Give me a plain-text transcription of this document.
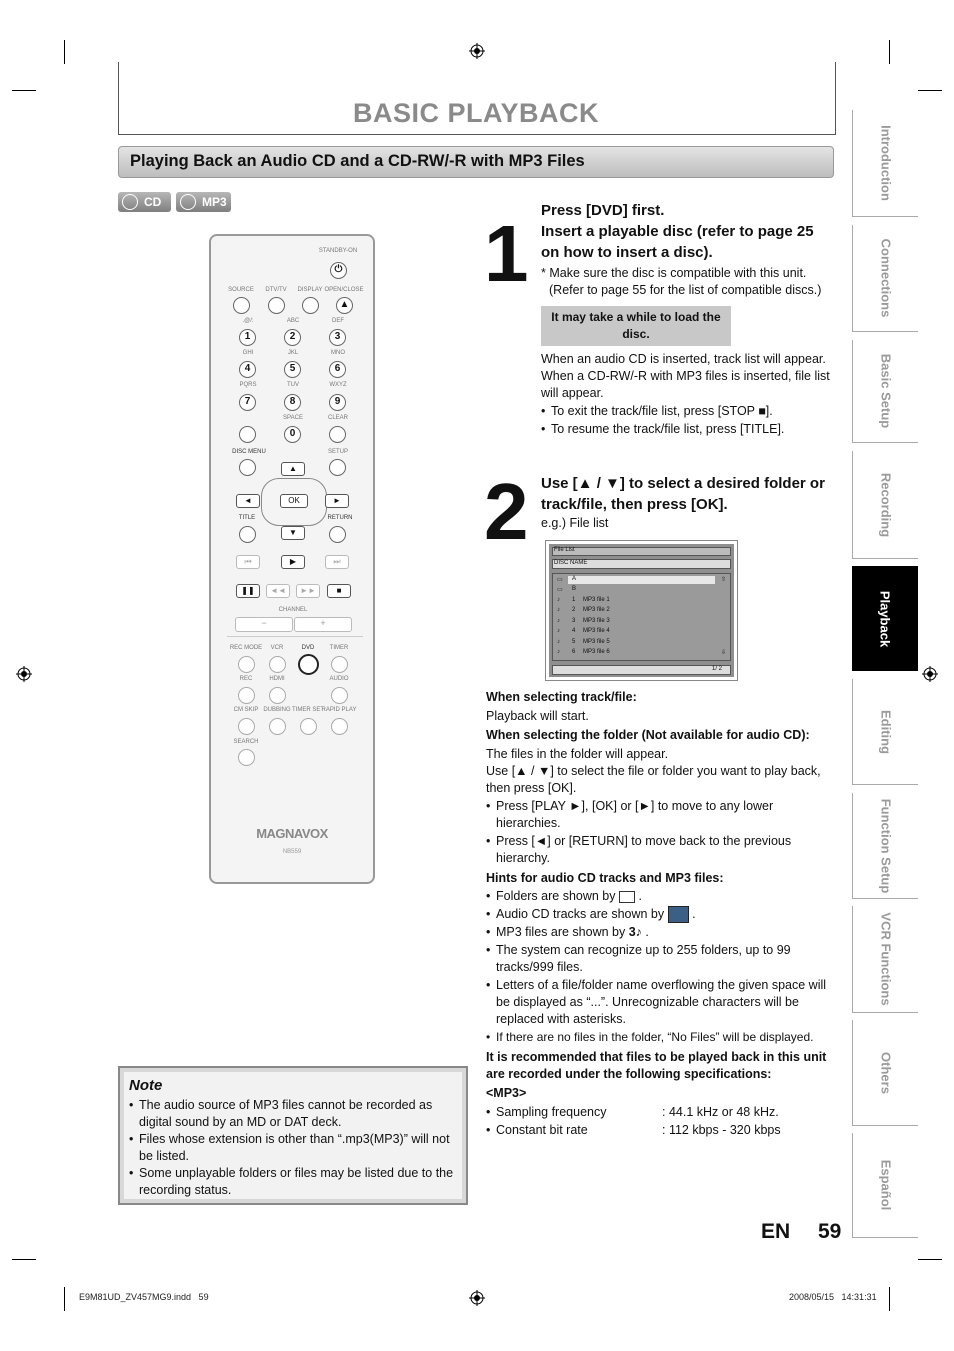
BASIC PLAYBACK
Playing Back an Audio CD and a CD-RW/-R with MP3 Files
CD	MP3
Introduction
Connections
Basic Setup
Recording
Playback
Editing
Function Setup
VCR Functions
Others
Español
STANDBY-ON
⏻
SOURCE	DTV/TV	DISPLAY OPEN/CLOSE
▲
.@/:	ABC	DEF
1	2	3
GHI	JKL	MNO
4	5	6
PQRS	TUV	WXYZ
7	8	9
SPACE	CLEAR
0
DISC MENU	SETUP
▲
◄	OK	►
▼
TITLE	RETURN
⏮	▶	⏭
❚❚	◄◄	►►	■
CHANNEL
−	+
REC MODE	VCR	DVD	TIMER
REC	HDMI	AUDIO
CM SKIP DUBBING TIMER SET
RAPID PLAY
SEARCH
MAGNAVOX
NB559
1 Press [DVD] first.
Insert a playable disc (refer to page 25 on how to insert a disc).
* Make sure the disc is compatible with this unit.
(Refer to page 55 for the list of compatible discs.)
It may take a while to load the disc.
When an audio CD is inserted, track list will appear.
When a CD-RW/-R with MP3 files is inserted, file list will appear.
• To exit the track/file list, press [STOP ■].
• To resume the track/file list, press [TITLE].
2 Use [▲ / ▼] to select a desired folder or track/file, then press [OK].
e.g.) File list
File List
DISC NAME
▭ A
▭ B
♪ 1 MP3 file 1
♪ 2 MP3 file 2
♪ 3 MP3 file 3
♪ 4 MP3 file 4
♪ 5 MP3 file 5
♪ 6 MP3 file 6
⇧
⇩
1/ 2
When selecting track/file:
Playback will start.
When selecting the folder (Not available for audio CD):
The files in the folder will appear.
Use [▲ / ▼] to select the file or folder you want to play back, then press [OK].
• Press [PLAY ►], [OK] or [►] to move to any lower hierarchies.
• Press [◄] or [RETURN] to move back to the previous hierarchy.
Hints for audio CD tracks and MP3 files:
• Folders are shown by  .
• Audio CD tracks are shown by  .
• MP3 files are shown by 3♪ .
• The system can recognize up to 255 folders, up to 99 tracks/999 files.
• Letters of a file/folder name overflowing the given space will be displayed as “...”. Unrecognizable characters will be replaced with asterisks.
• If there are no files in the folder, “No Files” will be displayed.
It is recommended that files to be played back in this unit are recorded under the following specifications:
<MP3>
• Sampling frequency	: 44.1 kHz or 48 kHz.
• Constant bit rate	: 112 kbps - 320 kbps
Note
• The audio source of MP3 files cannot be recorded as digital sound by an MD or DAT deck.
• Files whose extension is other than “.mp3(MP3)” will not be listed.
• Some unplayable folders or files may be listed due to the recording status.
EN 59
E9M81UD_ZV457MG9.indd   59	2008/05/15   14:31:31
